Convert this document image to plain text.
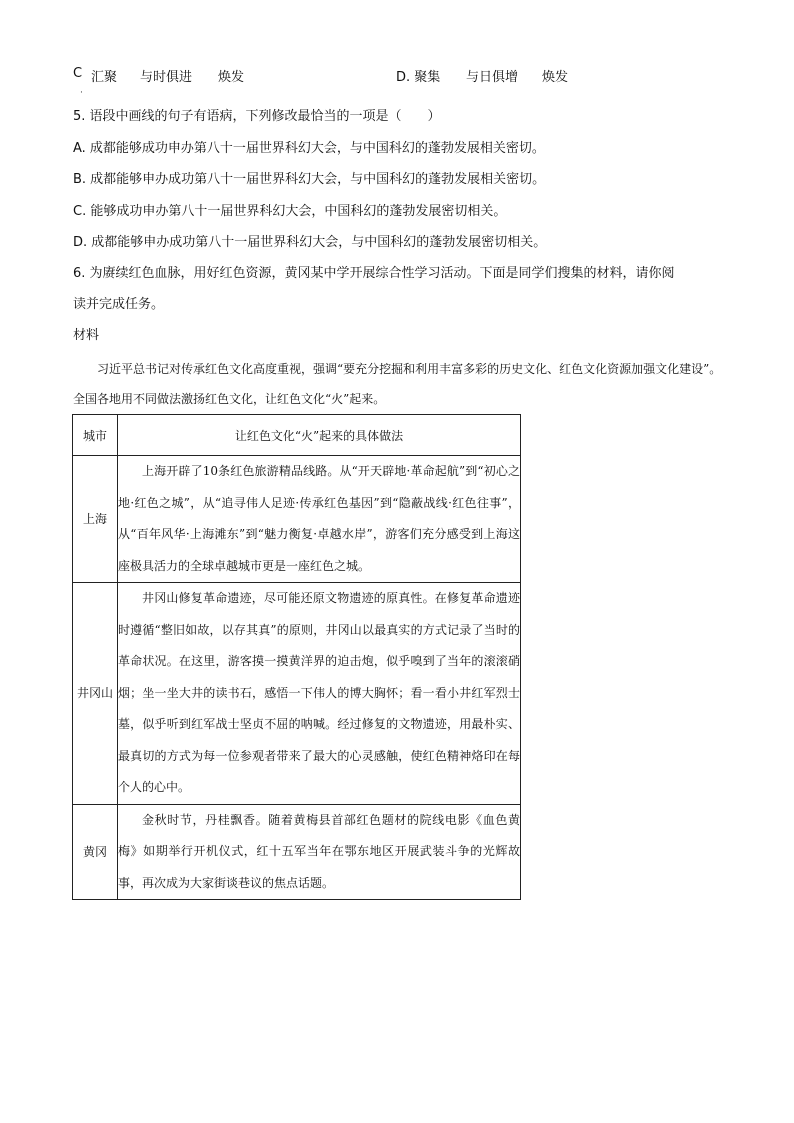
C 汇聚 与时俱进 焕发	D. 聚集 与日俱增 焕发
·
5. 语段中画线的句子有语病，下列修改最恰当的一项是（　　）
A. 成都能够成功申办第八十一届世界科幻大会，与中国科幻的蓬勃发展相关密切。
B. 成都能够申办成功第八十一届世界科幻大会，与中国科幻的蓬勃发展相关密切。
C. 能够成功申办第八十一届世界科幻大会，中国科幻的蓬勃发展密切相关。
D. 成都能够申办成功第八十一届世界科幻大会，与中国科幻的蓬勃发展密切相关。
6. 为赓续红色血脉，用好红色资源，黄冈某中学开展综合性学习活动。下面是同学们搜集的材料，请你阅
读并完成任务。
材料
习近平总书记对传承红色文化高度重视，强调“要充分挖掘和利用丰富多彩的历史文化、红色文化资源加强文化建设”。全国各地用不同做法激扬红色文化，让红色文化“火”起来。
城市	让红色文化“火”起来的具体做法
上海	上海开辟了10条红色旅游精品线路。从“开天辟地·革命起航”到“初心之地·红色之城”，从“追寻伟人足迹·传承红色基因”到“隐蔽战线·红色往事”，从“百年风华·上海滩东”到“魅力衡复·卓越水岸”，游客们充分感受到上海这座极具活力的全球卓越城市更是一座红色之城。
井冈山	井冈山修复革命遗迹，尽可能还原文物遗迹的原真性。在修复革命遗迹时遵循“整旧如故，以存其真”的原则，井冈山以最真实的方式记录了当时的革命状况。在这里，游客摸一摸黄洋界的迫击炮，似乎嗅到了当年的滚滚硝烟；坐一坐大井的读书石，感悟一下伟人的博大胸怀；看一看小井红军烈士墓，似乎听到红军战士坚贞不屈的呐喊。经过修复的文物遗迹，用最朴实、最真切的方式为每一位参观者带来了最大的心灵感触，使红色精神烙印在每个人的心中。
黄冈	金秋时节，丹桂飘香。随着黄梅县首部红色题材的院线电影《血色黄梅》如期举行开机仪式，红十五军当年在鄂东地区开展武装斗争的光辉故事，再次成为大家街谈巷议的焦点话题。
